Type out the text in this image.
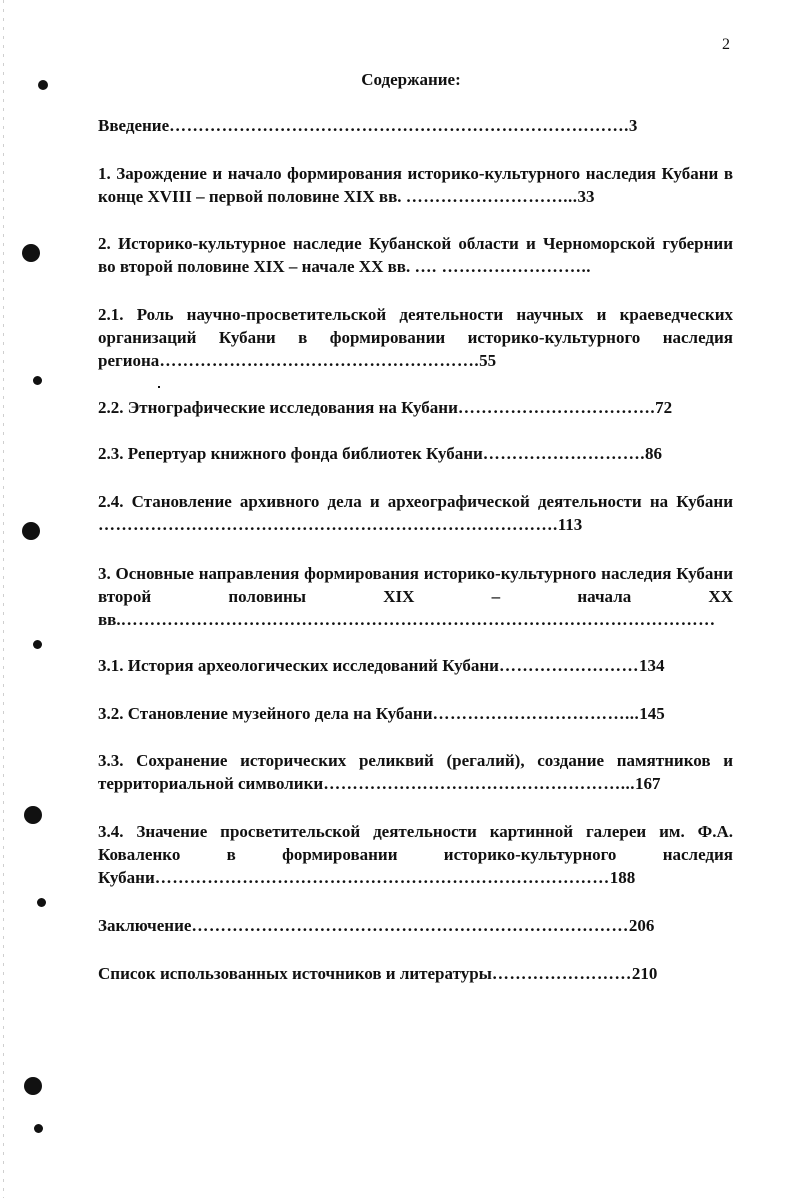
2
Содержание:
Введение…………………………………………………………………….3
1. Зарождение и начало формирования историко-культурного наследия Кубани в конце XVIII – первой половине XIX вв. ………………………...33
2. Историко-культурное наследие Кубанской области и Черноморской губернии во второй половине XIX – начале XX вв. …. ……………………..
2.1. Роль научно-просветительской деятельности научных и краеведческих организаций Кубани в формировании историко-культурного наследия региона……………………………………………….55
2.2. Этнографические исследования на Кубани…………………………….72
2.3. Репертуар книжного фонда библиотек Кубани……………………….86
2.4. Становление архивного дела и археографической деятельности на Кубани …………………………………………………………………….113
3. Основные направления формирования историко-культурного наследия Кубани второй половины XIX – начала XX вв.…………………………………………………………………………………………
3.1. История археологических исследований Кубани……………………134
3.2. Становление музейного дела на Кубани……………………………...145
3.3. Сохранение исторических реликвий (регалий), создание памятников и территориальной символики……………………………………………...167
3.4. Значение просветительской деятельности картинной галереи им. Ф.А. Коваленко в формировании историко-культурного наследия Кубани……………………………………………………………………188
Заключение…………………………………………………………………206
Список использованных источников и литературы……………………210
